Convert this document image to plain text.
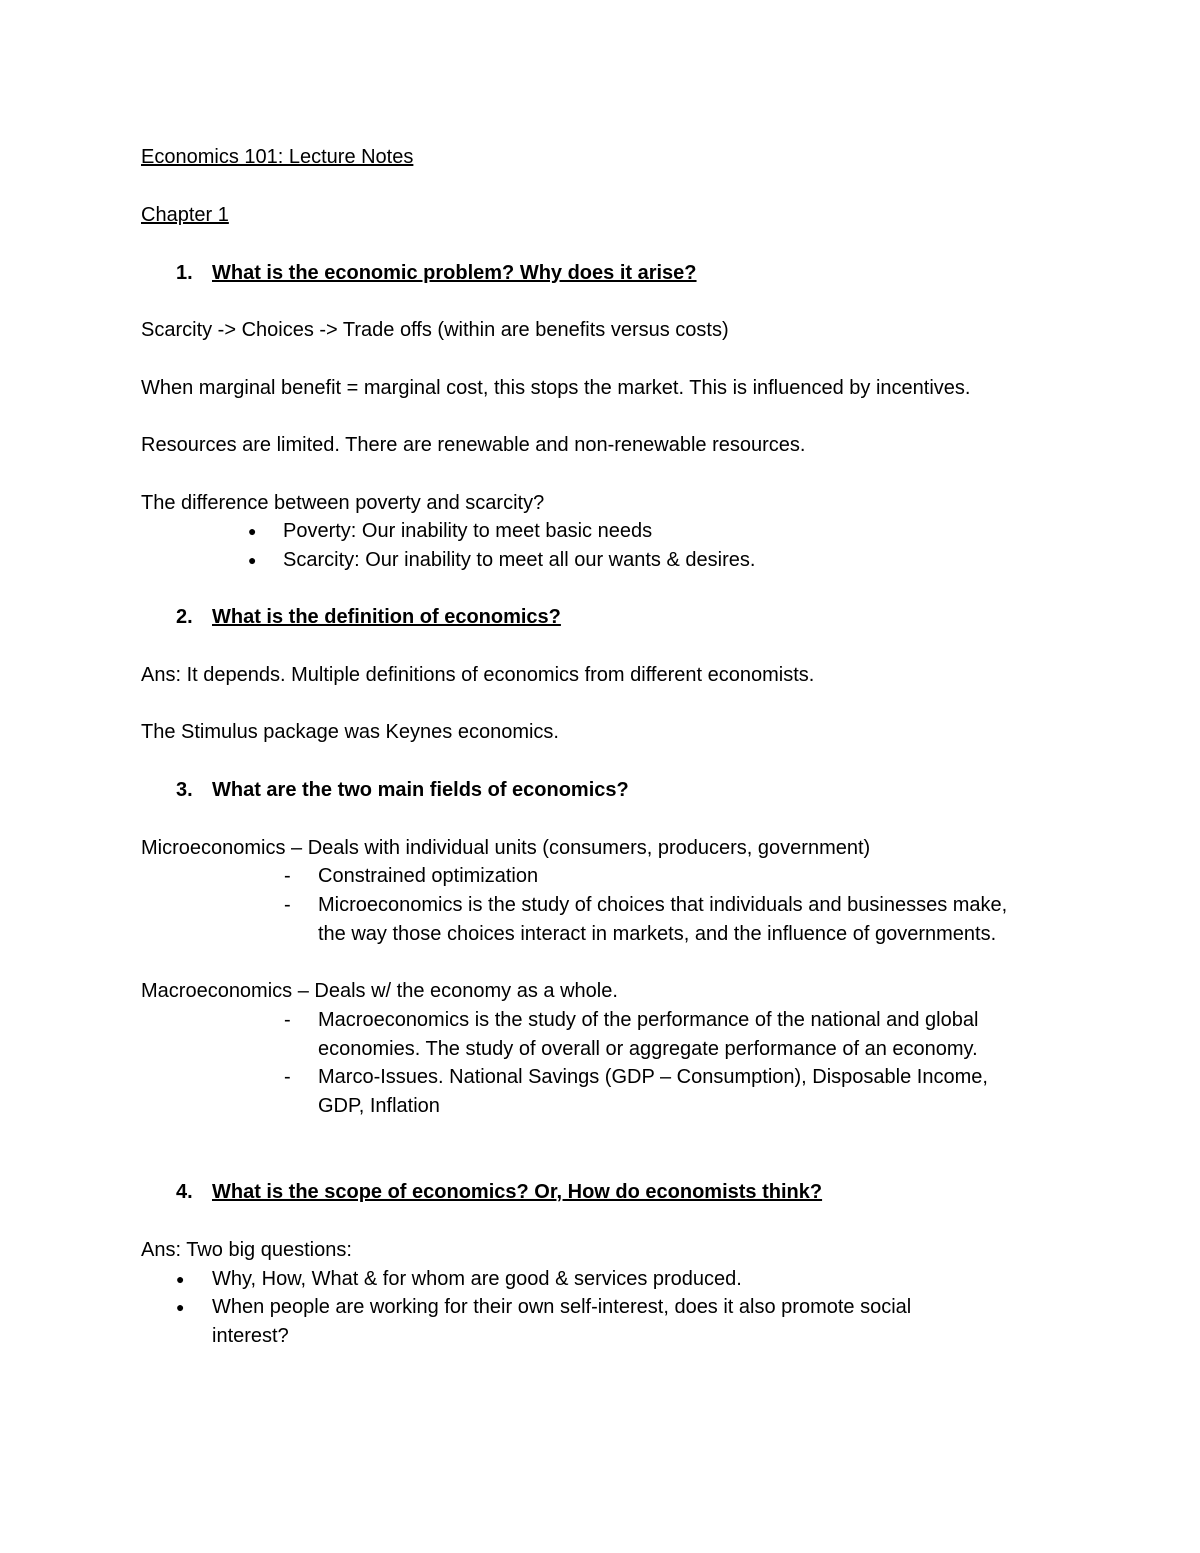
Economics 101: Lecture Notes
Chapter 1
1. What is the economic problem? Why does it arise?
Scarcity -> Choices -> Trade offs (within are benefits versus costs)
When marginal benefit = marginal cost, this stops the market. This is influenced by incentives.
Resources are limited. There are renewable and non-renewable resources.
The difference between poverty and scarcity?
● Poverty: Our inability to meet basic needs
● Scarcity: Our inability to meet all our wants & desires.
2. What is the definition of economics?
Ans: It depends. Multiple definitions of economics from different economists.
The Stimulus package was Keynes economics.
3. What are the two main fields of economics?
Microeconomics – Deals with individual units (consumers, producers, government)
- Constrained optimization
- Microeconomics is the study of choices that individuals and businesses make,
the way those choices interact in markets, and the influence of governments.
Macroeconomics – Deals w/ the economy as a whole.
- Macroeconomics is the study of the performance of the national and global
economies. The study of overall or aggregate performance of an economy.
- Marco-Issues. National Savings (GDP – Consumption), Disposable Income,
GDP, Inflation
4. What is the scope of economics? Or, How do economists think?
Ans: Two big questions:
● Why, How, What & for whom are good & services produced.
● When people are working for their own self-interest, does it also promote social
interest?
